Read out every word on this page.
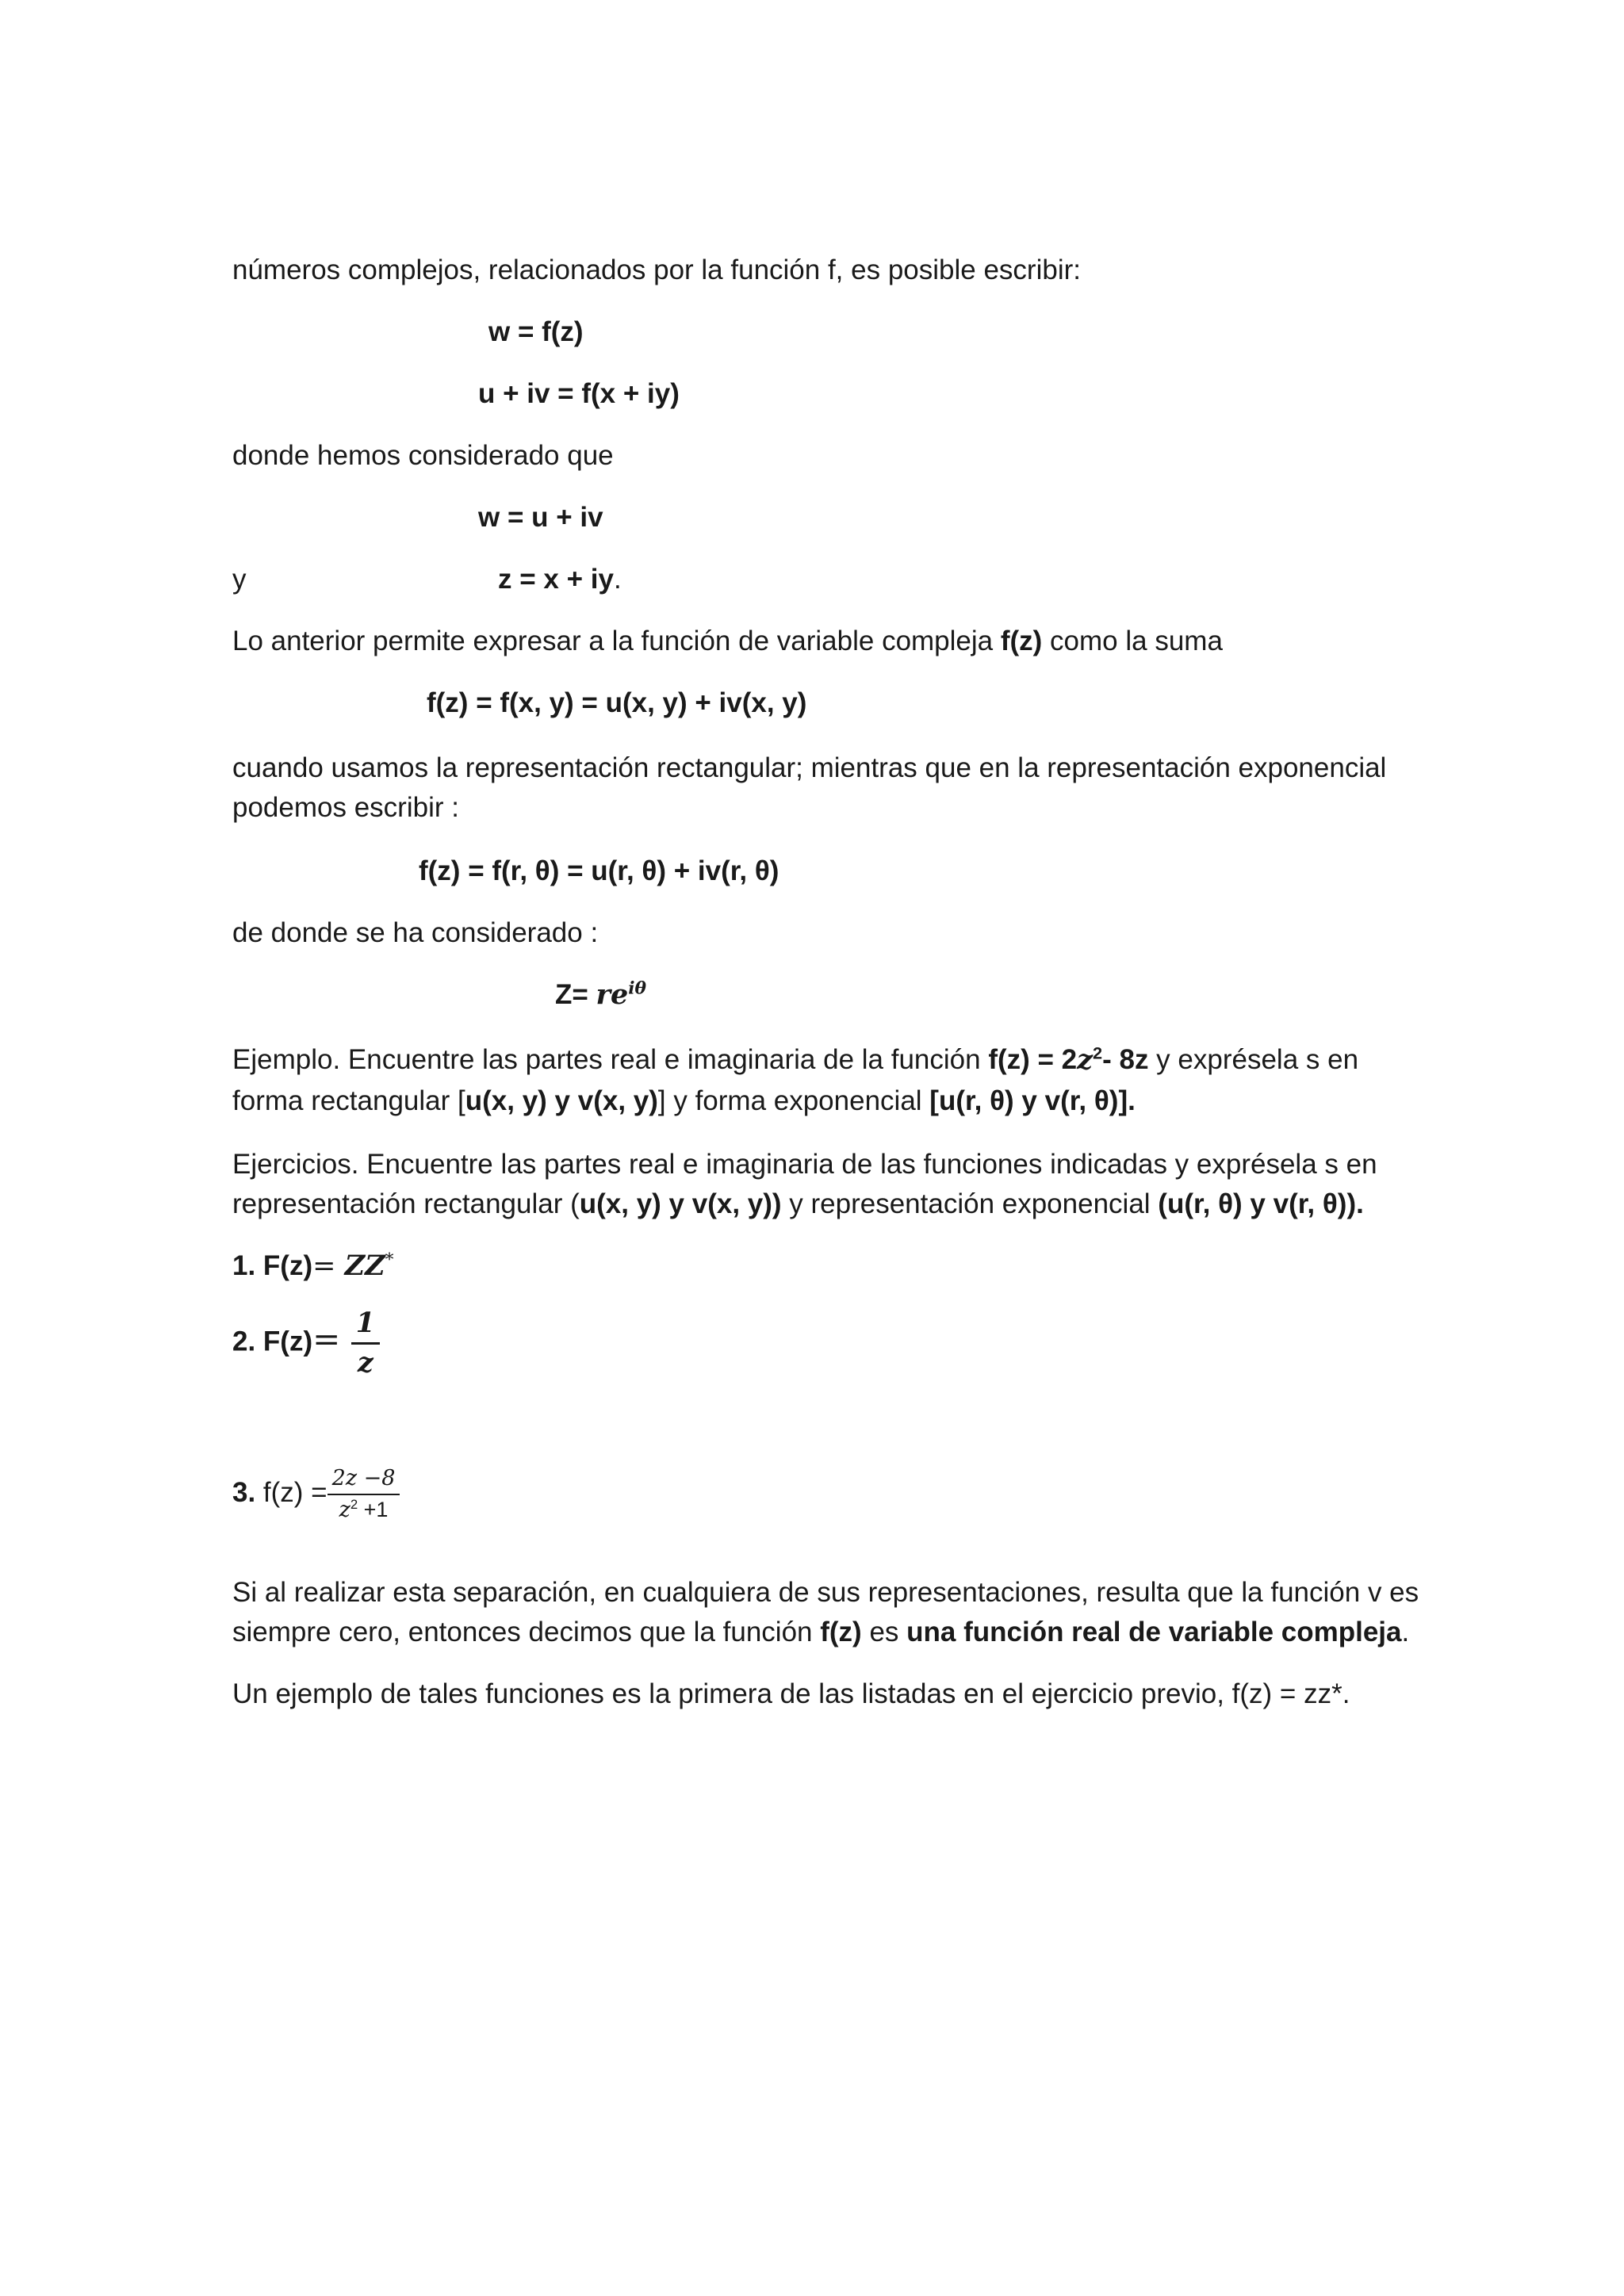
números complejos, relacionados por la función f, es posible escribir:
w = f(z)
u + iv = f(x + iy)
donde hemos considerado que
w = u + iv
y	z = x + iy.
Lo anterior permite expresar a la función de variable compleja f(z) como la suma
f(z) = f(x, y) = u(x, y) + iv(x, y)
cuando usamos la representación rectangular; mientras que en la representación exponencial
podemos escribir :
f(z) = f(r, θ) = u(r, θ) + iv(r, θ)
de donde se ha considerado :
$Z= re^{i\theta}$
Ejemplo. Encuentre las partes real e imaginaria de la función $f(z) = 2z^2-$ 8z y exprésela s en
forma rectangular [u(x, y) y v(x, y)] y forma exponencial [u(r, θ) y v(r, θ)].
Ejercicios. Encuentre las partes real e imaginaria de las funciones indicadas y exprésela s en
representación rectangular (u(x, y) y v(x, y)) y representación exponencial (u(r, θ) y v(r, θ)).
1. F(z)= ZZ*
2. $F(z)= \frac{1}{z}$
3. $f(z) = \frac{2z -8}{z^2 +1}$
Si al realizar esta separación, en cualquiera de sus representaciones, resulta que la función v es
siempre cero, entonces decimos que la función f(z) es una función real de variable compleja.
Un ejemplo de tales funciones es la primera de las listadas en el ejercicio previo, f(z) = zz*.
